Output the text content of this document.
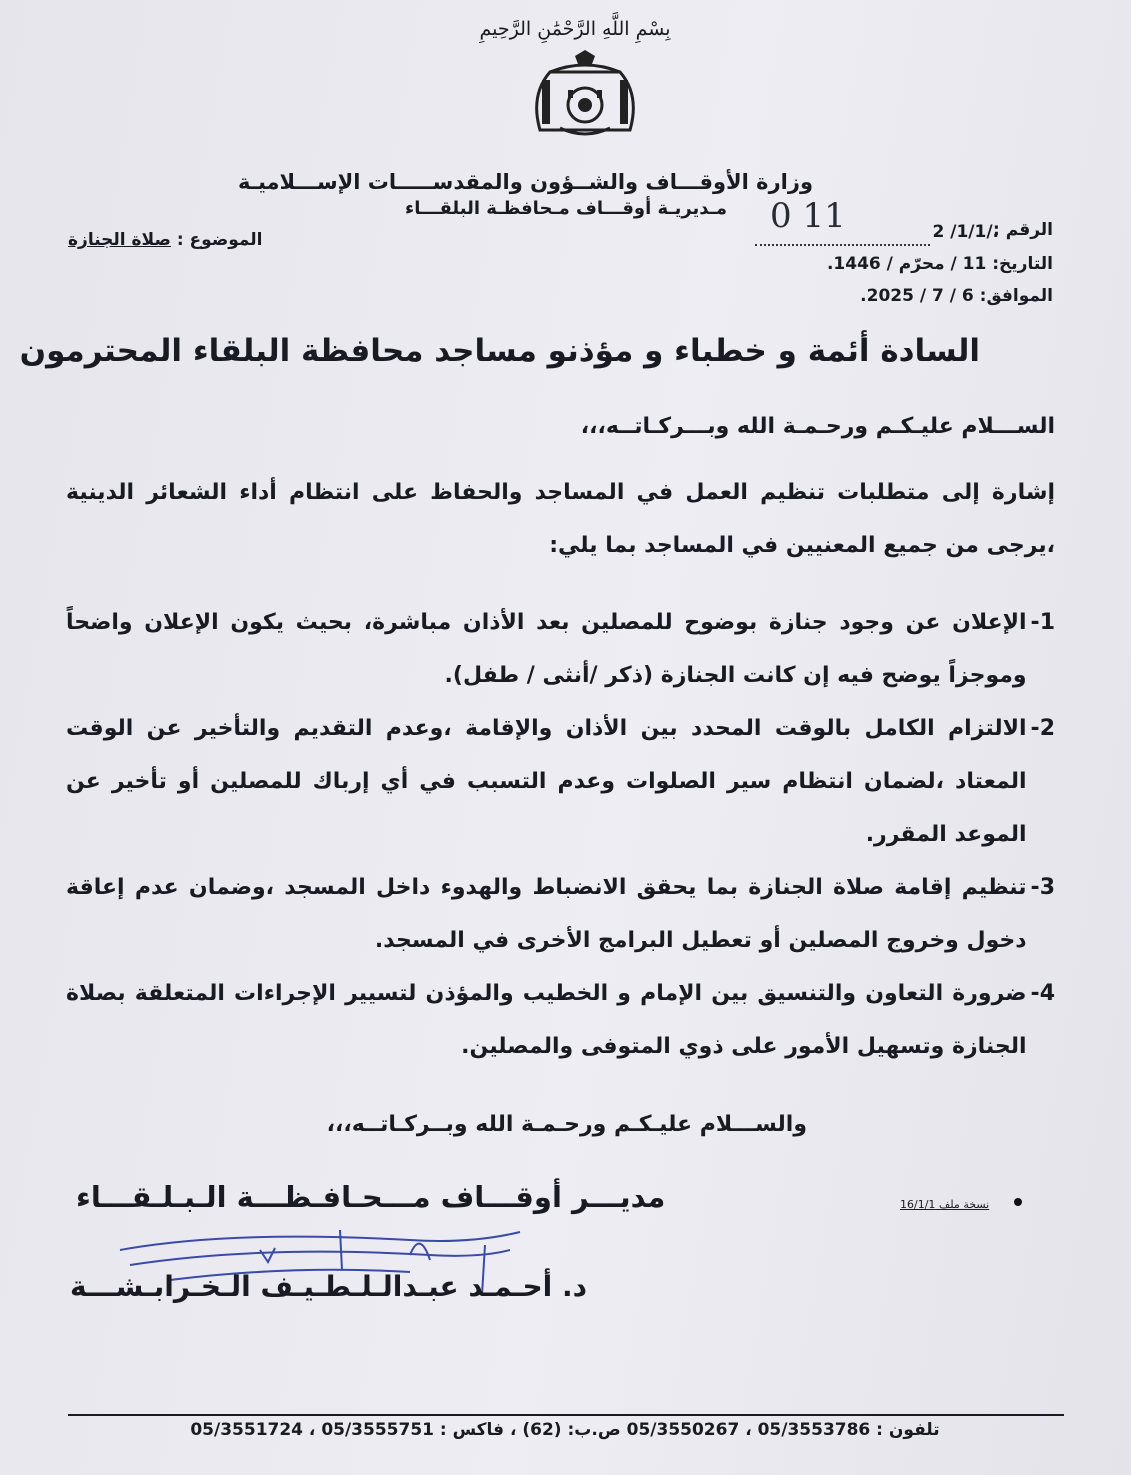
بِسْمِ اللَّهِ الرَّحْمَٰنِ الرَّحِيمِ
وزارة الأوقـــاف والشــؤون والمقدســـــات الإســـلاميـة
مـديريـة أوقـــاف مـحافظـة البلقـــاء
الرقم :
2 /1/1/.
0 11
الموضوع : صلاة الجنازة
التاريخ: 11 / محرّم / 1446.
الموافق: 6 / 7 / 2025.
السادة أئمة و خطباء و مؤذنو مساجد محافظة البلقاء المحترمون
الســـلام عليـكـم ورحـمـة الله وبـــركـاتــه،،،
إشارة إلى متطلبات تنظيم العمل في المساجد والحفاظ على انتظام أداء الشعائر الدينية ،يرجى من جميع المعنيين في المساجد بما يلي:
1-
الإعلان عن وجود جنازة بوضوح للمصلين بعد الأذان مباشرة، بحيث يكون الإعلان واضحاً وموجزاً يوضح فيه إن كانت الجنازة (ذكر /أنثى / طفل).
2-
الالتزام الكامل بالوقت المحدد بين الأذان والإقامة ،وعدم التقديم والتأخير عن الوقت المعتاد ،لضمان انتظام سير الصلوات وعدم التسبب في أي إرباك للمصلين أو تأخير عن الموعد المقرر.
3-
تنظيم إقامة صلاة الجنازة بما يحقق الانضباط والهدوء داخل المسجد ،وضمان عدم إعاقة دخول وخروج المصلين أو تعطيل البرامج الأخرى في المسجد.
4-
ضرورة التعاون والتنسيق بين الإمام و الخطيب والمؤذن لتسيير الإجراءات المتعلقة بصلاة الجنازة وتسهيل الأمور على ذوي المتوفى والمصلين.
والســـلام عليـكـم ورحـمـة الله وبــركـاتــه،،،
نسخة ملف 16/1/1
مديـــر أوقـــاف مـــحـافـظـــة الـبـلـقـــاء
د. أحـمـد عبـدالـلـطـيـف الـخـرابـشـــة
تلفون : 05/3553786 ، 05/3550267 ص.ب: (62) ، فاكس : 05/3555751 ، 05/3551724
